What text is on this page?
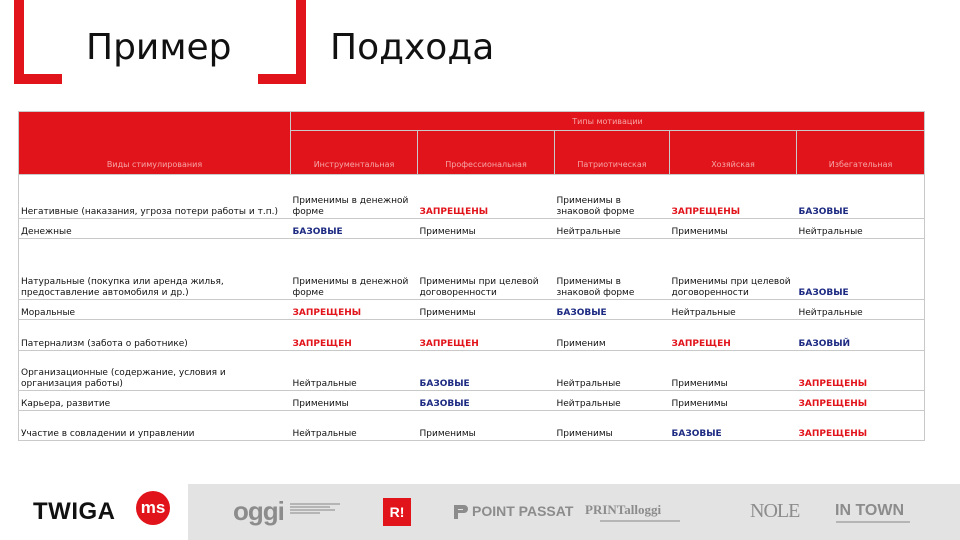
Пример	Подхода
Виды стимулирования	Типы мотивации				
	Инструментальная	Профессиональная	Патриотическая	Хозяйская	Избегательная
Негативные (наказания, угроза потери работы и т.п.)	Применимы в денежной форме	ЗАПРЕЩЕНЫ	Применимы в знаковой форме	ЗАПРЕЩЕНЫ	БАЗОВЫЕ
Денежные	БАЗОВЫЕ	Применимы	Нейтральные	Применимы	Нейтральные
Натуральные (покупка или аренда жилья, предоставление автомобиля и др.)	Применимы в денежной форме	Применимы при целевой договоренности	Применимы в знаковой форме	Применимы при целевой договоренности	БАЗОВЫЕ
Моральные	ЗАПРЕЩЕНЫ	Применимы	БАЗОВЫЕ	Нейтральные	Нейтральные
Патернализм (забота о работнике)	ЗАПРЕЩЕН	ЗАПРЕЩЕН	Применим	ЗАПРЕЩЕН	БАЗОВЫЙ
Организационные (содержание, условия и организация работы)	Нейтральные	БАЗОВЫЕ	Нейтральные	Применимы	ЗАПРЕЩЕНЫ
Карьера, развитие	Применимы	БАЗОВЫЕ	Нейтральные	Применимы	ЗАПРЕЩЕНЫ
Участие в совладении и управлении	Нейтральные	Применимы	Применимы	БАЗОВЫЕ	ЗАПРЕЩЕНЫ
TWIGA ms	oggi	R!	POINT PASSAT PRINTalloggi	NOLE IN TOWN
